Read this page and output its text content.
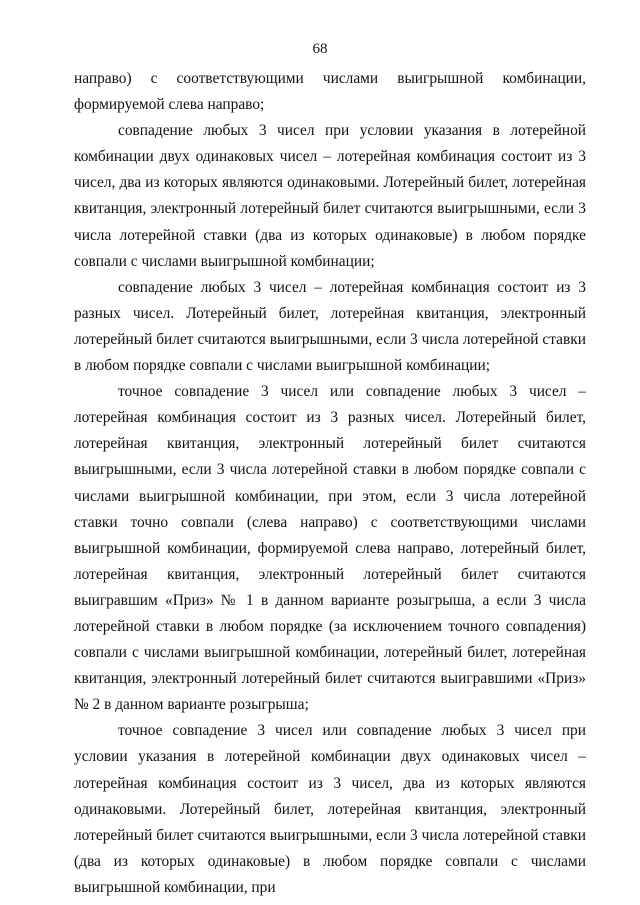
68

направо) с соответствующими числами выигрышной комбинации, формируемой слева направо;

совпадение любых 3 чисел при условии указания в лотерейной комбинации двух одинаковых чисел – лотерейная комбинация состоит из 3 чисел, два из которых являются одинаковыми. Лотерейный билет, лотерейная квитанция, электронный лотерейный билет считаются выигрышными, если 3 числа лотерейной ставки (два из которых одинаковые) в любом порядке совпали с числами выигрышной комбинации;

совпадение любых 3 чисел – лотерейная комбинация состоит из 3 разных чисел. Лотерейный билет, лотерейная квитанция, электронный лотерейный билет считаются выигрышными, если 3 числа лотерейной ставки в любом порядке совпали с числами выигрышной комбинации;

точное совпадение 3 чисел или совпадение любых 3 чисел – лотерейная комбинация состоит из 3 разных чисел. Лотерейный билет, лотерейная квитанция, электронный лотерейный билет считаются выигрышными, если 3 числа лотерейной ставки в любом порядке совпали с числами выигрышной комбинации, при этом, если 3 числа лотерейной ставки точно совпали (слева направо) с соответствующими числами выигрышной комбинации, формируемой слева направо, лотерейный билет, лотерейная квитанция, электронный лотерейный билет считаются выигравшим «Приз» № 1 в данном варианте розыгрыша, а если 3 числа лотерейной ставки в любом порядке (за исключением точного совпадения) совпали с числами выигрышной комбинации, лотерейный билет, лотерейная квитанция, электронный лотерейный билет считаются выигравшими «Приз» № 2 в данном варианте розыгрыша;

точное совпадение 3 чисел или совпадение любых 3 чисел при условии указания в лотерейной комбинации двух одинаковых чисел – лотерейная комбинация состоит из 3 чисел, два из которых являются одинаковыми. Лотерейный билет, лотерейная квитанция, электронный лотерейный билет считаются выигрышными, если 3 числа лотерейной ставки (два из которых одинаковые) в любом порядке совпали с числами выигрышной комбинации, при
